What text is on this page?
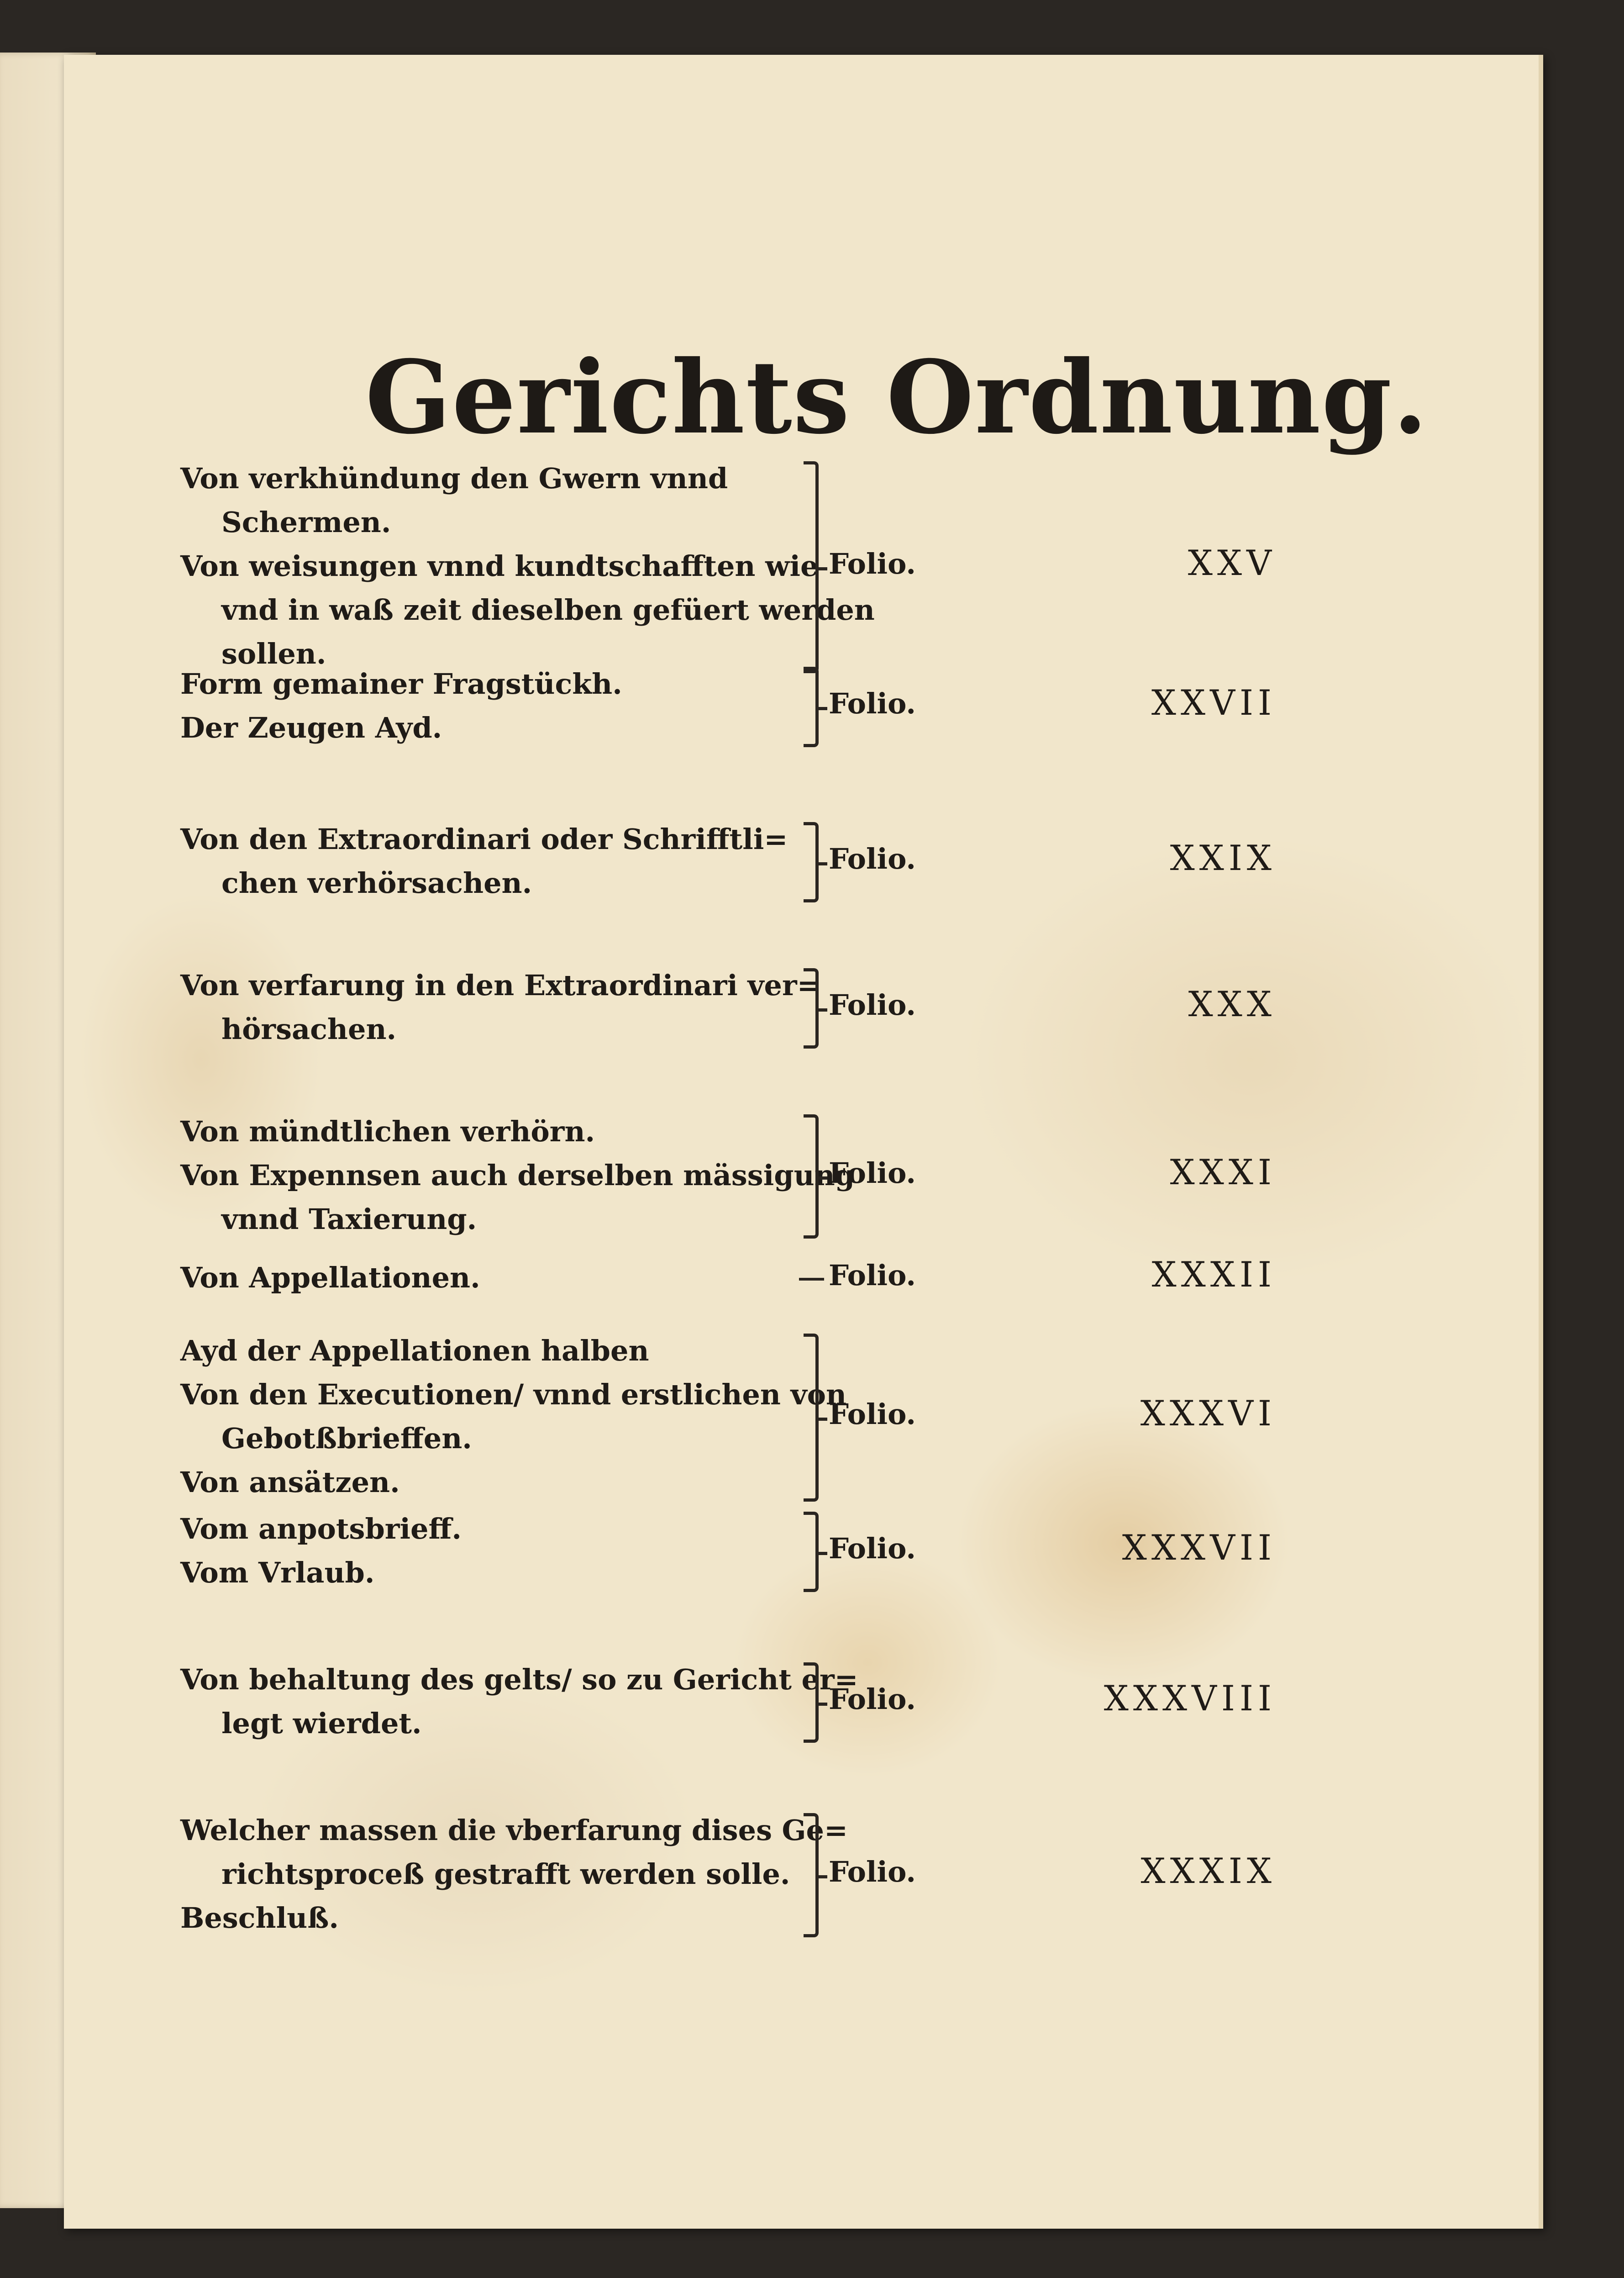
Gerichts Ordnung.
Von verkhündung den Gwern vnnd
Schermen.
Von weisungen vnnd kundtschafften wie
vnd in waß zeit dieselben gefüert werden
sollen.
Folio.	XXV
Form gemainer Fragstückh.
Der Zeugen Ayd.
Folio.	XXVII
Von den Extraordinari oder Schrifftli=
chen verhörsachen.
Folio.	XXIX
Von verfarung in den Extraordinari ver=
hörsachen.
Folio.	XXX
Von mündtlichen verhörn.
Von Expennsen auch derselben mässigung
vnnd Taxierung.
Folio.	XXXI
Von Appellationen.	Folio.	XXXII
Ayd der Appellationen halben
Von den Executionen/ vnnd erstlichen von
Gebotßbrieffen.
Von ansätzen.
Folio.	XXXVI
Vom anpotsbrieff.
Vom Vrlaub.
Folio.	XXXVII
Von behaltung des gelts/ so zu Gericht er=
legt wierdet.
Folio.	XXXVIII
Welcher massen die vberfarung dises Ge=
richtsproceß gestrafft werden solle.
Beschluß.
Folio.	XXXIX
